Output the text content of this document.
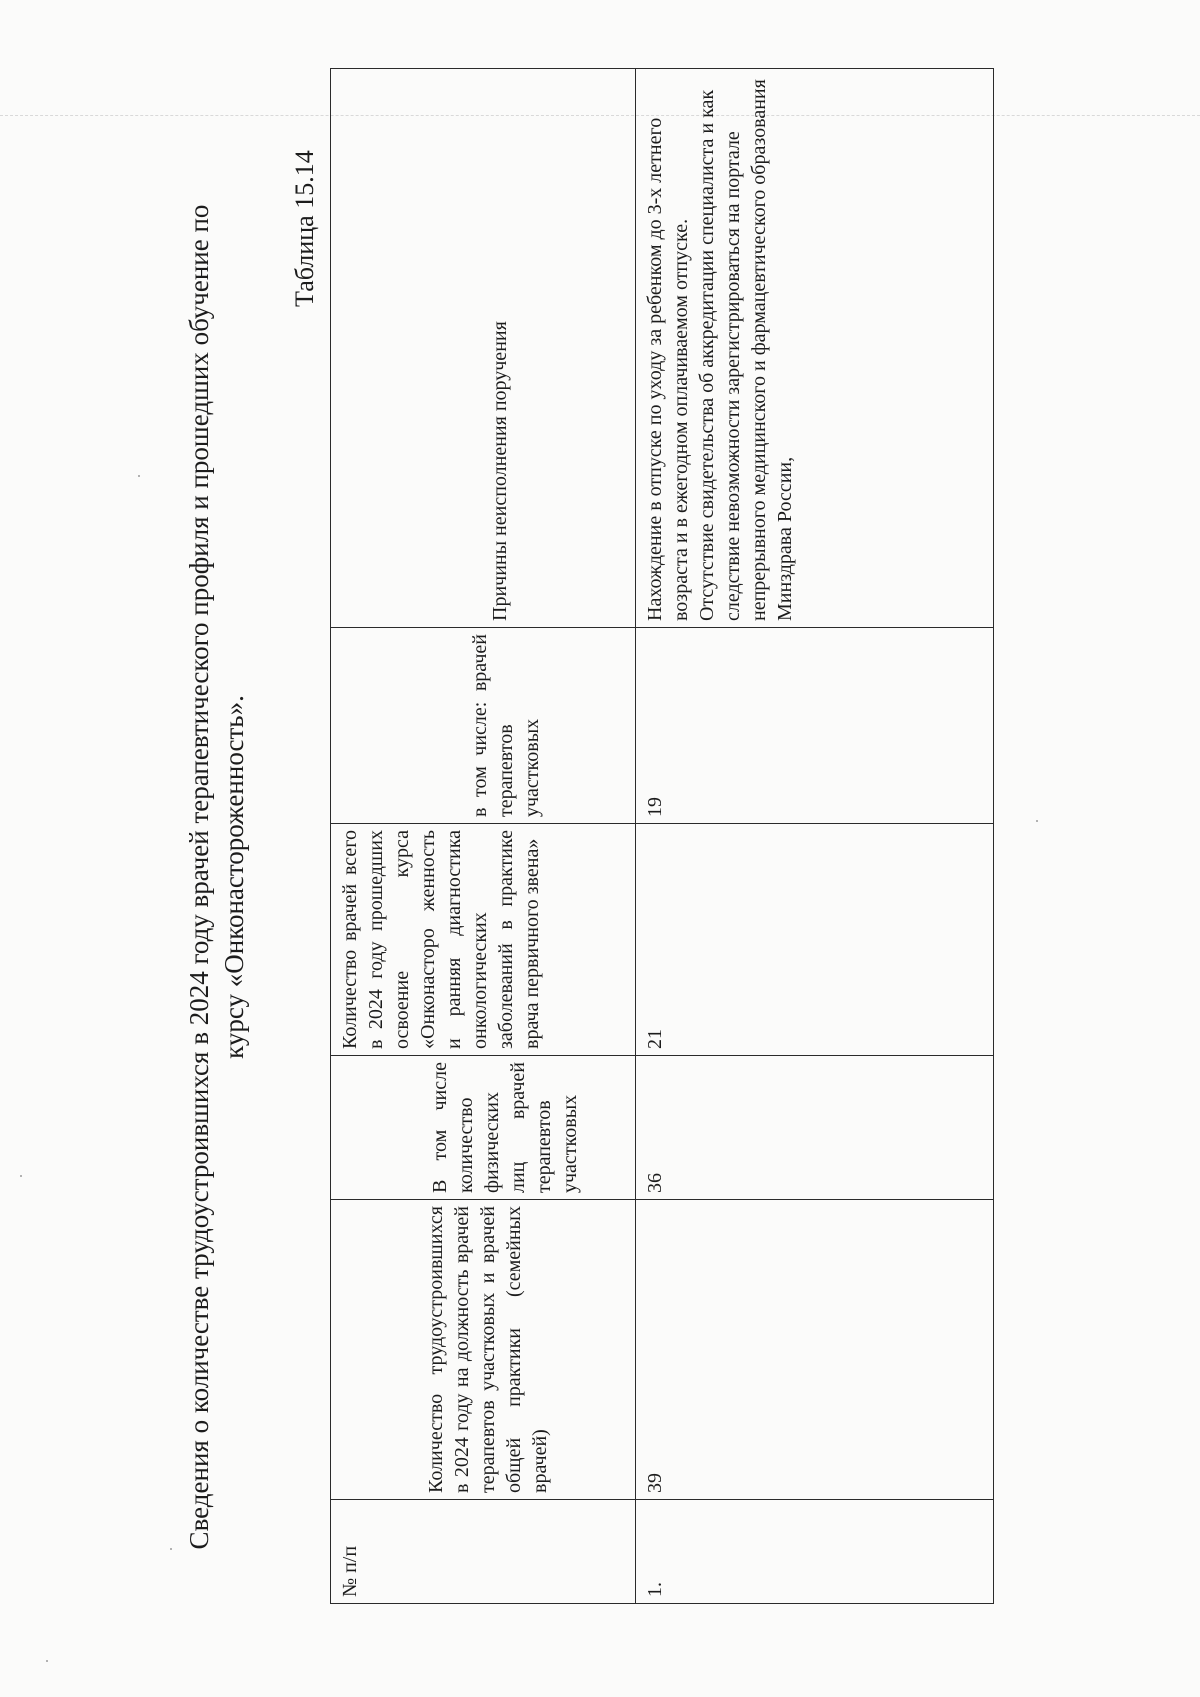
Сведения о количестве трудоустроившихся в 2024 году врачей терапевтического профиля и прошедших обучение по курсу «Онконастороженность».
Таблица 15.14
№ п/п	Количество трудоустроившихся в 2024 году на должность врачей терапевтов участковых и врачей общей практики (семейных врачей)	В том числе количество физических лиц врачей терапевтов участковых	Количество врачей всего в 2024 году прошедших освоение курса «Онконасторо женность и ранняя диагностика онкологических заболеваний в практике врача первичного звена»	в том числе: врачей терапевтов участковых	Причины неисполнения поручения

1.	39	36	21	19	Нахождение в отпуске по уходу за ребенком до 3-х летнего возраста и в ежегодном оплачиваемом отпуске.
Отсутствие свидетельства об аккредитации специалиста и как следствие невозможности зарегистрироваться на портале непрерывного медицинского и фармацевтического образования Минздрава России,
